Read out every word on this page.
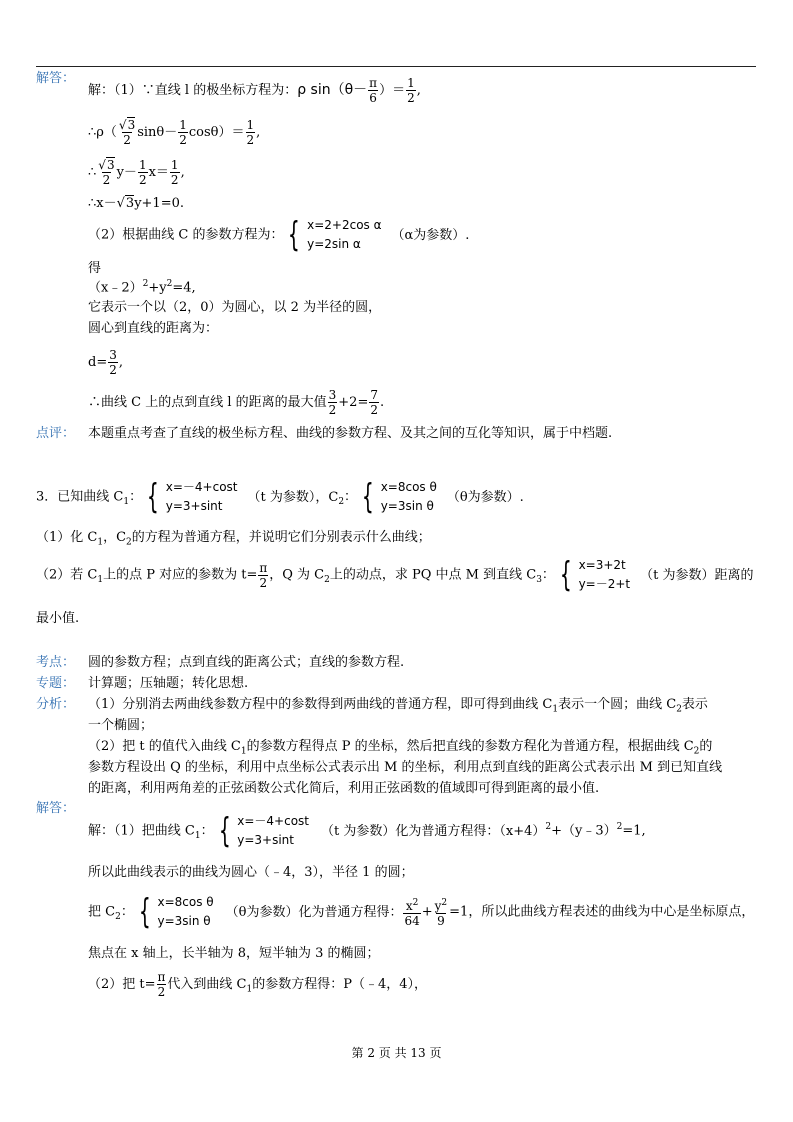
解答：
解：（1）∵直线 l 的极坐标方程为：ρ $\sin(\theta- \frac{\pi}{6}$ ）＝ $\frac{1}{2}$ ,
∴ρ（ $\frac{√3}{2} \sin\theta- \frac{1}{2} \cos\theta)= \frac{1}{2}$ ,
∴ $\frac{√3}{2} y- \frac{1}{2} x= \frac{1}{2}$ ,
∴x－√3y+1=0.
（2）根据曲线 C 的参数方程为： { x=2+2cos α
y=2sin α
（α为参数）.
得
$(x﹣2)^2+y^2=4$,
它表示一个以（2，0）为圆心，以 2 为半径的圆，
圆心到直线的距离为：
$d= \frac{3}{2}$ ,
∴曲线 C 上的点到直线 l 的距离的最大值 $\frac{3}{2} +2= \frac{7}{2}$ .
点评： 本题重点考查了直线的极坐标方程、曲线的参数方程、及其之间的互化等知识，属于中档题.
3．已知曲线 $C_1$： { x=－4+cost
y=3+sint
（t 为参数），$C_2$： { x=8cos θ
y=3sin θ
（θ为参数）.
（1）化 $C_1$，$C_2$的方程为普通方程，并说明它们分别表示什么曲线；
（2）若 $C_1$上的点 P 对应的参数为 $t= \frac{\pi}{2}$ ，Q 为 $C_2$上的动点，求 PQ 中点 M 到直线 $C_3$： { x=3+2t
y=－2+t
（t 为参数）距离的
最小值.
考点： 圆的参数方程；点到直线的距离公式；直线的参数方程.
专题： 计算题；压轴题；转化思想.
分析： （1）分别消去两曲线参数方程中的参数得到两曲线的普通方程，即可得到曲线 $C_1$表示一个圆；曲线 $C_2$表示
一个椭圆；
（2）把 t 的值代入曲线 $C_1$的参数方程得点 P 的坐标，然后把直线的参数方程化为普通方程，根据曲线 $C_2$的
参数方程设出 Q 的坐标，利用中点坐标公式表示出 M 的坐标，利用点到直线的距离公式表示出 M 到已知直线
的距离，利用两角差的正弦函数公式化简后，利用正弦函数的值域即可得到距离的最小值.
解答：
解：（1）把曲线 $C_1$： { x=－4+cost
y=3+sint
（t 为参数）化为普通方程得：$(x+4)^2+(y﹣3)^2=1$,
所以此曲线表示的曲线为圆心（﹣4，3），半径 1 的圆；
把 $C_2$： { x=8cos θ
y=3sin θ
（θ为参数）化为普通方程得： $\frac{x^2}{64} + \frac{y^2}{9} =1$，所以此曲线方程表述的曲线为中心是坐标原点，
焦点在 x 轴上，长半轴为 8，短半轴为 3 的椭圆；
（2）把 $t= \frac{\pi}{2}$ 代入到曲线 $C_1$的参数方程得：P（﹣4，4），
第 2 页 共 13 页
